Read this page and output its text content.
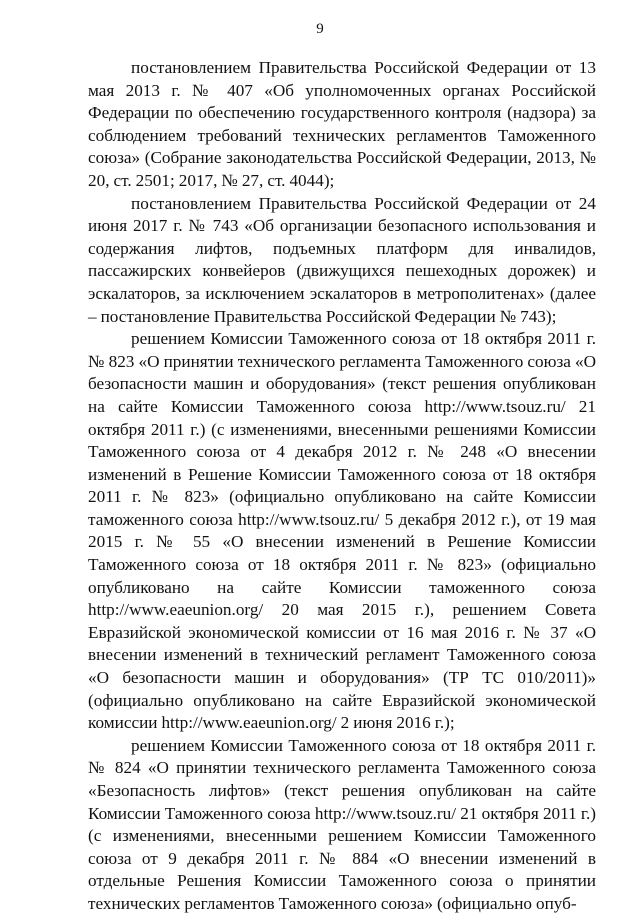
9

постановлением Правительства Российской Федерации от 13 мая 2013 г. № 407 «Об уполномоченных органах Российской Федерации по обеспечению государственного контроля (надзора) за соблюдением требований технических регламентов Таможенного союза» (Собрание законодательства Российской Федерации, 2013, № 20, ст. 2501; 2017, № 27, ст. 4044);

постановлением Правительства Российской Федерации от 24 июня 2017 г. № 743 «Об организации безопасного использования и содержания лифтов, подъемных платформ для инвалидов, пассажирских конвейеров (движущихся пешеходных дорожек) и эскалаторов, за исключением эскалаторов в метрополитенах» (далее – постановление Правительства Российской Федерации № 743);

решением Комиссии Таможенного союза от 18 октября 2011 г. № 823 «О принятии технического регламента Таможенного союза «О безопасности машин и оборудования» (текст решения опубликован на сайте Комиссии Таможенного союза http://www.tsouz.ru/ 21 октября 2011 г.) (с изменениями, внесенными решениями Комиссии Таможенного союза от 4 декабря 2012 г. № 248 «О внесении изменений в Решение Комиссии Таможенного союза от 18 октября 2011 г. № 823» (официально опубликовано на сайте Комиссии таможенного союза http://www.tsouz.ru/ 5 декабря 2012 г.), от 19 мая 2015 г. № 55 «О внесении изменений в Решение Комиссии Таможенного союза от 18 октября 2011 г. № 823» (официально опубликовано на сайте Комиссии таможенного союза http://www.eaeunion.org/ 20 мая 2015 г.), решением Совета Евразийской экономической комиссии от 16 мая 2016 г. № 37 «О внесении изменений в технический регламент Таможенного союза «О безопасности машин и оборудования» (ТР ТС 010/2011)» (официально опубликовано на сайте Евразийской экономической комиссии http://www.eaeunion.org/ 2 июня 2016 г.);

решением Комиссии Таможенного союза от 18 октября 2011 г. № 824 «О принятии технического регламента Таможенного союза «Безопасность лифтов» (текст решения опубликован на сайте Комиссии Таможенного союза http://www.tsouz.ru/ 21 октября 2011 г.) (с изменениями, внесенными решением Комиссии Таможенного союза от 9 декабря 2011 г. № 884 «О внесении изменений в отдельные Решения Комиссии Таможенного союза о принятии технических регламентов Таможенного союза» (официально опуб-
